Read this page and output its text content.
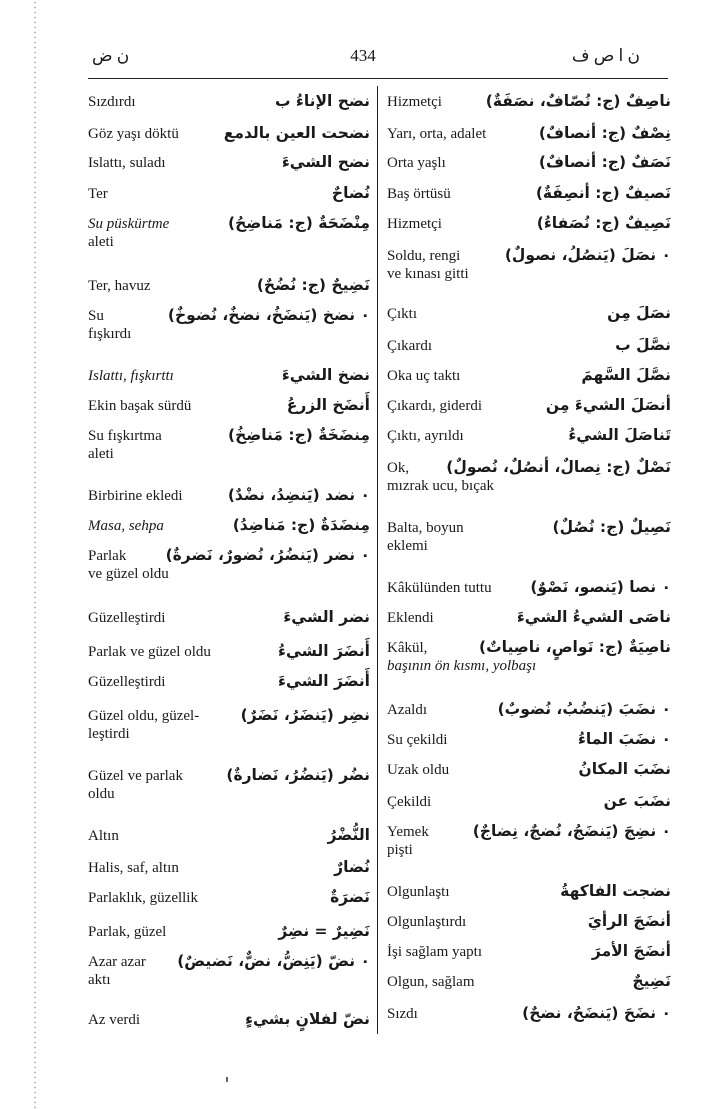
ن ض	434	ن ا ص ف
Sızdırdı	نضح الإناءُ ب
Göz yaşı döktü	نضحت العين بالدمع
Islattı, suladı	نضح الشيءَ
Ter	نُضاحٌ
Su püskürtme	مِنْضَحَةٌ (ج: مَناضِحُ)
aleti
Ter, havuz	نَضِيحٌ (ج: نُضُحٌ)
Su	۰ نضخ (يَنضَخُ، نضخٌ، نُضوخٌ)
fışkırdı
Islattı, fışkırttı	نضخ الشيءَ
Ekin başak sürdü	أَنضَخ الزرعُ
Su fışkırtma	مِنضَخَةٌ (ج: مَناضِخُ)
aleti
Birbirine ekledi	۰ نضد (يَنضِدُ، نضْدٌ)
Masa, sehpa	مِنضَدَةٌ (ج: مَناضِدُ)
Parlak	۰ نضر (يَنضُرُ، نُضورٌ، نَضرةٌ)
ve güzel oldu
Güzelleştirdi	نضر الشيءَ
Parlak ve güzel oldu	أَنضَرَ الشيءُ
Güzelleştirdi	أَنضَرَ الشيءَ
Güzel oldu, güzel-	نضِر (يَنضَرُ، نَضَرٌ)
leştirdi
Güzel ve parlak	نضُر (يَنضُرُ، نَضارةٌ)
oldu
Altın	النُّضْرُ
Halis, saf, altın	نُضارٌ
Parlaklık, güzellik	نَضرَةٌ
Parlak, güzel	نَضِيرٌ = نضِرٌ
Azar azar ۰ نضّ (يَنِضُّ، نضٌّ، نَضيضٌ)
aktı
Az verdi	نضّ لفلانٍ بشيءٍ
Hizmetçi	ناصِفٌ (ج: نُصّافٌ، نصَفَةٌ)
Yarı, orta, adalet	نِصْفٌ (ج: أنصافٌ)
Orta yaşlı	نَصَفٌ (ج: أنصافٌ)
Baş örtüsü	نَصيفٌ (ج: أنصِفَةٌ)
Hizmetçi	نَصِيفٌ (ج: نُصَفاءُ)
Soldu, rengi	۰ نصَلَ (يَنصُلُ، نصولٌ)
ve kınası gitti
Çıktı	نصَلَ مِن
Çıkardı	نصَّلَ ب
Oka uç taktı	نصَّلَ السَّهمَ
Çıkardı, giderdi	أنصَلَ الشيءَ مِن
Çıktı, ayrıldı	تَناصَلَ الشيءُ
Ok, نَصْلٌ (ج: نِصالٌ، أنصُلٌ، نُصولٌ)
mızrak ucu, bıçak
Balta, boyun	نَصِيلٌ (ج: نُصُلٌ)
eklemi
Kâkülünden tuttu	۰ نصا (يَنصو، نَصْوٌ)
Eklendi	ناصَى الشيءُ الشيءَ
Kâkül,	ناصِيَةٌ (ج: نَواصٍ، ناصِياتٌ)
başının ön kısmı, yolbaşı
Azaldı	۰ نضَبَ (يَنضُبُ، نُضوبٌ)
Su çekildi	۰ نضَبَ الماءُ
Uzak oldu	نضَبَ المكانُ
Çekildi	نضَبَ عن
Yemek	۰ نضِجَ (يَنضَجُ، نُضجٌ، نِضاجٌ)
pişti
Olgunlaştı	نضجت الفاكهةُ
Olgunlaştırdı	أنضَجَ الرأيَ
İşi sağlam yaptı	أنضَجَ الأمرَ
Olgun, sağlam	نَضِيجٌ
Sızdı	۰ نضَحَ (يَنضَحُ، نضحٌ)
